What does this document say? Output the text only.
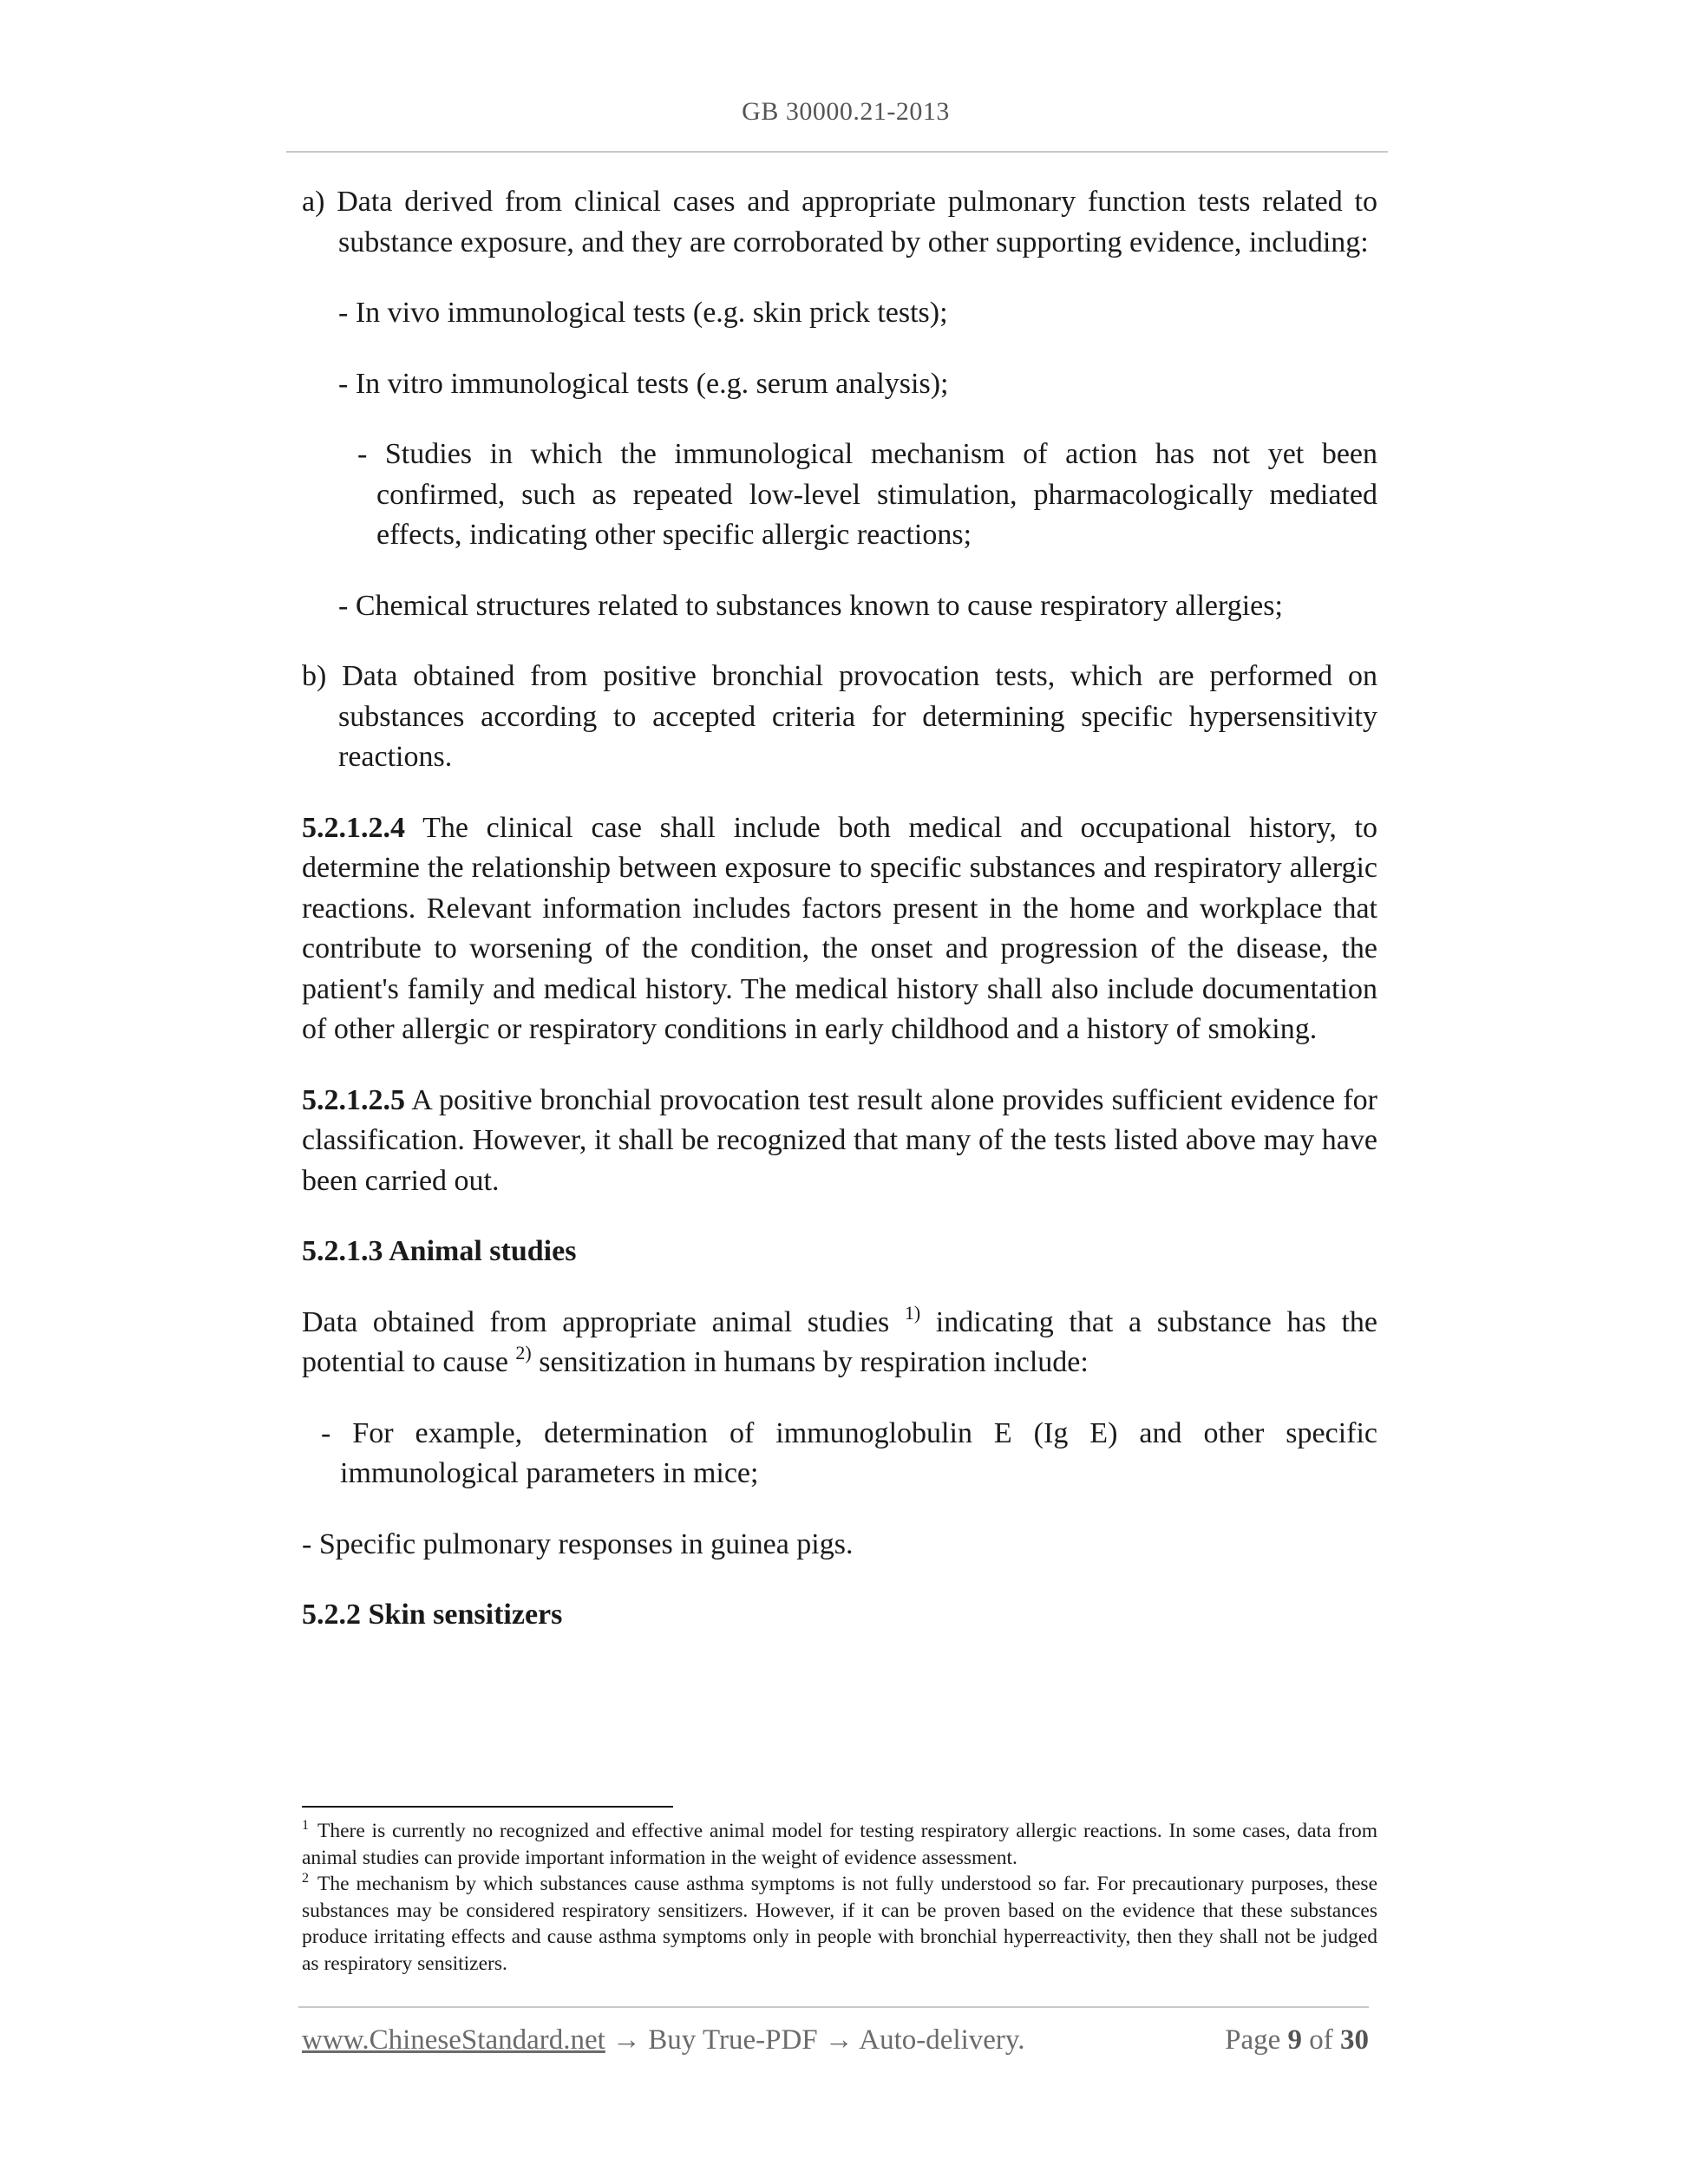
GB 30000.21-2013

a) Data derived from clinical cases and appropriate pulmonary function tests related to substance exposure, and they are corroborated by other supporting evidence, including:

- In vivo immunological tests (e.g. skin prick tests);

- In vitro immunological tests (e.g. serum analysis);

- Studies in which the immunological mechanism of action has not yet been confirmed, such as repeated low-level stimulation, pharmacologically mediated effects, indicating other specific allergic reactions;

- Chemical structures related to substances known to cause respiratory allergies;

b) Data obtained from positive bronchial provocation tests, which are performed on substances according to accepted criteria for determining specific hypersensitivity reactions.

5.2.1.2.4 The clinical case shall include both medical and occupational history, to determine the relationship between exposure to specific substances and respiratory allergic reactions. Relevant information includes factors present in the home and workplace that contribute to worsening of the condition, the onset and progression of the disease, the patient's family and medical history. The medical history shall also include documentation of other allergic or respiratory conditions in early childhood and a history of smoking.

5.2.1.2.5 A positive bronchial provocation test result alone provides sufficient evidence for classification. However, it shall be recognized that many of the tests listed above may have been carried out.

5.2.1.3 Animal studies

Data obtained from appropriate animal studies $^{1)}$ indicating that a substance has the potential to cause $^{2)}$ sensitization in humans by respiration include:

- For example, determination of immunoglobulin E (Ig E) and other specific immunological parameters in mice;

- Specific pulmonary responses in guinea pigs.

5.2.2 Skin sensitizers

$^1$ There is currently no recognized and effective animal model for testing respiratory allergic reactions. In some cases, data from animal studies can provide important information in the weight of evidence assessment.

$^2$ The mechanism by which substances cause asthma symptoms is not fully understood so far. For precautionary purposes, these substances may be considered respiratory sensitizers. However, if it can be proven based on the evidence that these substances produce irritating effects and cause asthma symptoms only in people with bronchial hyperreactivity, then they shall not be judged as respiratory sensitizers.

www.ChineseStandard.net → Buy True-PDF → Auto-delivery.	Page 9 of 30
